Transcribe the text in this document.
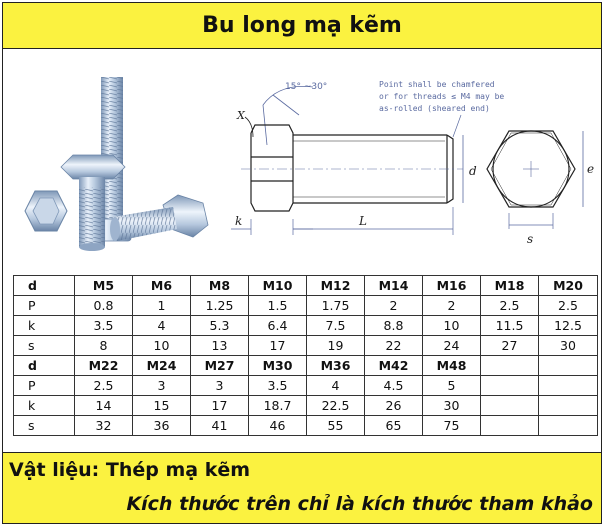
Bu long mạ kẽm
15° ~30°
X
d
k	L
Point shall be chamfered
or for threads ≤ M4 may be
as-rolled (sheared end)
e
s
d	M5	M6	M8	M10	M12	M14	M16	M18	M20
P	0.8	1	1.25	1.5	1.75	2	2	2.5	2.5
k	3.5	4	5.3	6.4	7.5	8.8	10	11.5	12.5
s	8	10	13	17	19	22	24	27	30
d	M22	M24	M27	M30	M36	M42	M48		
P	2.5	3	3	3.5	4	4.5	5		
k	14	15	17	18.7	22.5	26	30		
s	32	36	41	46	55	65	75		
Vật liệu: Thép mạ kẽm
Kích thước trên chỉ là kích thước tham khảo
